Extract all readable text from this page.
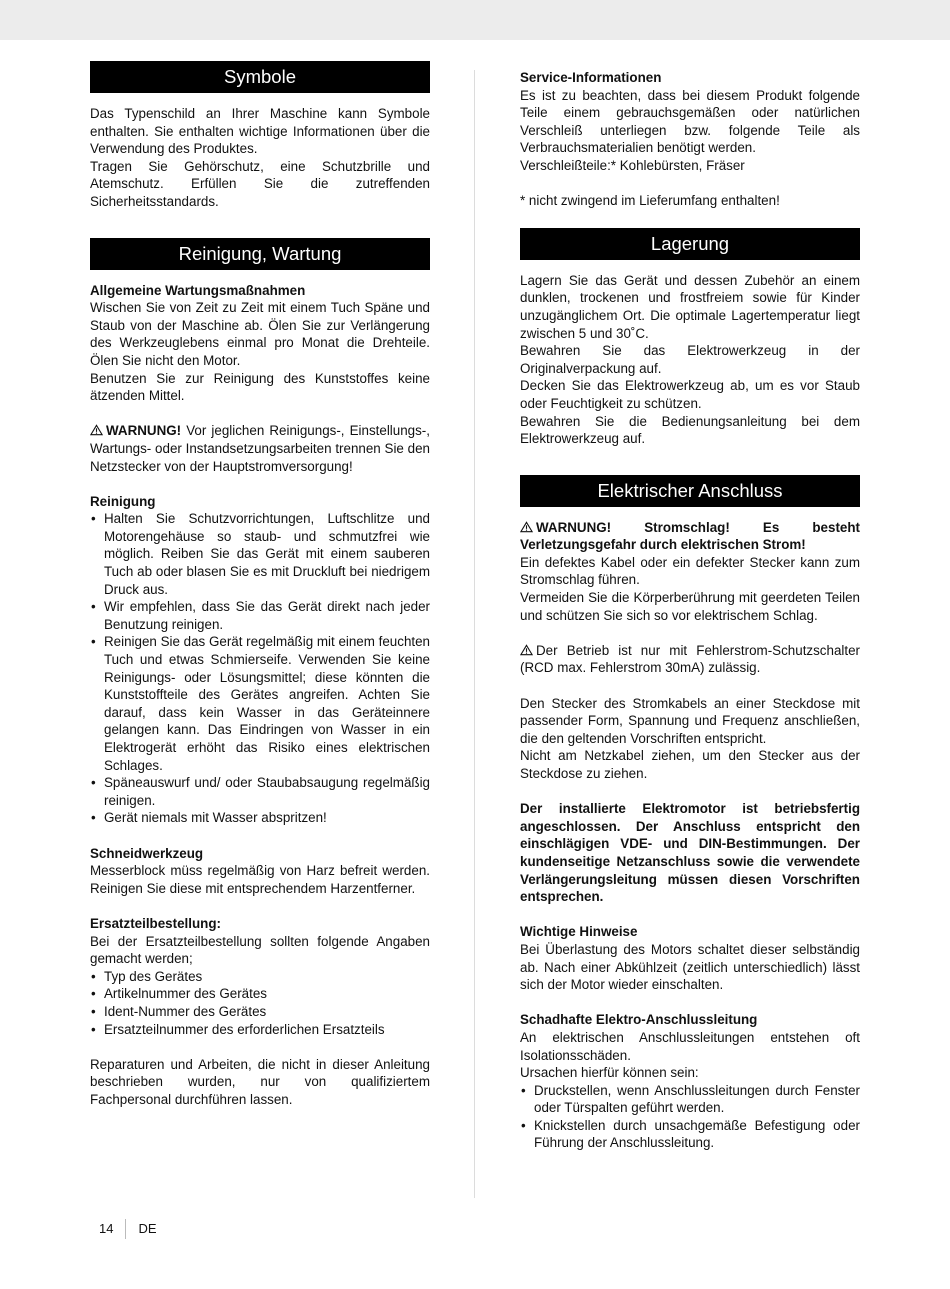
Symbole

Das Typenschild an Ihrer Maschine kann Symbole enthalten. Sie enthalten wichtige Informationen über die Verwendung des Produktes.

Tragen Sie Gehörschutz, eine Schutzbrille und Atemschutz. Erfüllen Sie die zutreffenden Sicherheitsstandards.

Reinigung, Wartung

Allgemeine Wartungsmaßnahmen

Wischen Sie von Zeit zu Zeit mit einem Tuch Späne und Staub von der Maschine ab. Ölen Sie zur Verlängerung des Werkzeuglebens einmal pro Monat die Drehteile. Ölen Sie nicht den Motor.

Benutzen Sie zur Reinigung des Kunststoffes keine ätzenden Mittel.

WARNUNG! Vor jeglichen Reinigungs-, Einstellungs-, Wartungs- oder Instandsetzungsarbeiten trennen Sie den Netzstecker von der Hauptstromversorgung!

Reinigung

• Halten Sie Schutzvorrichtungen, Luftschlitze und Motorengehäuse so staub- und schmutzfrei wie möglich. Reiben Sie das Gerät mit einem sauberen Tuch ab oder blasen Sie es mit Druckluft bei niedrigem Druck aus.
• Wir empfehlen, dass Sie das Gerät direkt nach jeder Benutzung reinigen.
• Reinigen Sie das Gerät regelmäßig mit einem feuchten Tuch und etwas Schmierseife. Verwenden Sie keine Reinigungs- oder Lösungsmittel; diese könnten die Kunststoffteile des Gerätes angreifen. Achten Sie darauf, dass kein Wasser in das Geräteinnere gelangen kann. Das Eindringen von Wasser in ein Elektrogerät erhöht das Risiko eines elektrischen Schlages.
• Späneauswurf und/ oder Staubabsaugung regelmäßig reinigen.
• Gerät niemals mit Wasser abspritzen!

Schneidwerkzeug

Messerblock müss regelmäßig von Harz befreit werden. Reinigen Sie diese mit entsprechendem Harzentferner.

Ersatzteilbestellung:

Bei der Ersatzteilbestellung sollten folgende Angaben gemacht werden;

• Typ des Gerätes
• Artikelnummer des Gerätes
• Ident-Nummer des Gerätes
• Ersatzteilnummer des erforderlichen Ersatzteils

Reparaturen und Arbeiten, die nicht in dieser Anleitung beschrieben wurden, nur von qualifiziertem Fachpersonal durchführen lassen.

Service-Informationen

Es ist zu beachten, dass bei diesem Produkt folgende Teile einem gebrauchsgemäßen oder natürlichen Verschleiß unterliegen bzw. folgende Teile als Verbrauchsmaterialien benötigt werden.

Verschleißteile:* Kohlebürsten, Fräser

* nicht zwingend im Lieferumfang enthalten!

Lagerung

Lagern Sie das Gerät und dessen Zubehör an einem dunklen, trockenen und frostfreiem sowie für Kinder unzugänglichem Ort. Die optimale Lagertemperatur liegt zwischen 5 und 30˚C.

Bewahren Sie das Elektrowerkzeug in der Originalverpackung auf.

Decken Sie das Elektrowerkzeug ab, um es vor Staub oder Feuchtigkeit zu schützen.

Bewahren Sie die Bedienungsanleitung bei dem Elektrowerkzeug auf.

Elektrischer Anschluss

WARNUNG! Stromschlag! Es besteht Verletzungsgefahr durch elektrischen Strom!

Ein defektes Kabel oder ein defekter Stecker kann zum Stromschlag führen.

Vermeiden Sie die Körperberührung mit geerdeten Teilen und schützen Sie sich so vor elektrischem Schlag.

Der Betrieb ist nur mit Fehlerstrom-Schutzschalter (RCD max. Fehlerstrom 30mA) zulässig.

Den Stecker des Stromkabels an einer Steckdose mit passender Form, Spannung und Frequenz anschließen, die den geltenden Vorschriften entspricht.

Nicht am Netzkabel ziehen, um den Stecker aus der Steckdose zu ziehen.

Der installierte Elektromotor ist betriebsfertig angeschlossen. Der Anschluss entspricht den einschlägigen VDE- und DIN-Bestimmungen. Der kundenseitige Netzanschluss sowie die verwendete Verlängerungsleitung müssen diesen Vorschriften entsprechen.

Wichtige Hinweise

Bei Überlastung des Motors schaltet dieser selbständig ab. Nach einer Abkühlzeit (zeitlich unterschiedlich) lässt sich der Motor wieder einschalten.

Schadhafte Elektro-Anschlussleitung

An elektrischen Anschlussleitungen entstehen oft Isolationsschäden.

Ursachen hierfür können sein:

• Druckstellen, wenn Anschlussleitungen durch Fenster oder Türspalten geführt werden.
• Knickstellen durch unsachgemäße Befestigung oder Führung der Anschlussleitung.
14 DE
